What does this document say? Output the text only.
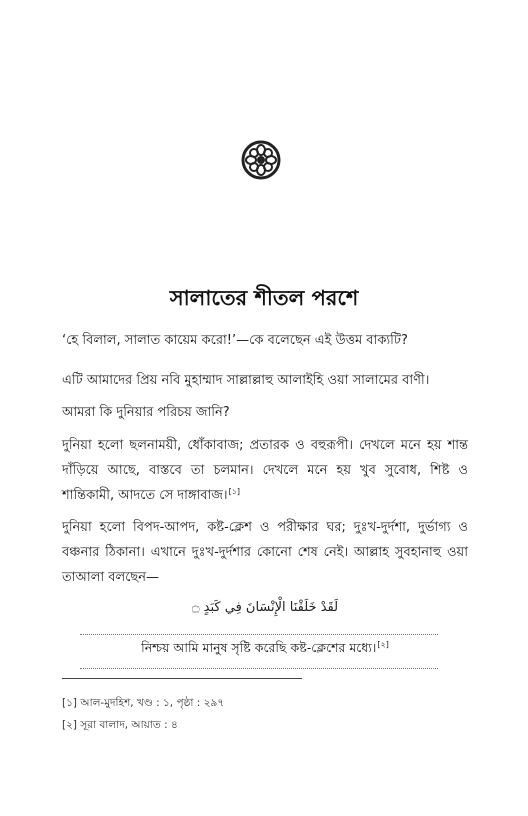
সালাতের শীতল পরশে

‘হে বিলাল, সালাত কায়েম করো!’—কে বলেছেন এই উত্তম বাক্যটি?

এটি আমাদের প্রিয় নবি মুহাম্মাদ সাল্লাল্লাহু আলাইহি ওয়া সালামের বাণী।

আমরা কি দুনিয়ার পরিচয় জানি?

দুনিয়া হলো ছলনাময়ী, ধোঁকাবাজ; প্রতারক ও বহুরূপী। দেখলে মনে হয় শান্ত দাঁড়িয়ে আছে, বাস্তবে তা চলমান। দেখলে মনে হয় খুব সুবোধ, শিষ্ট ও শান্তিকামী, আদতে সে দাঙ্গাবাজ।[১]

দুনিয়া হলো বিপদ-আপদ, কষ্ট-ক্লেশ ও পরীক্ষার ঘর; দুঃখ-দুর্দশা, দুর্ভাগ্য ও বঞ্চনার ঠিকানা। এখানে দুঃখ-দুর্দশার কোনো শেষ নেই। আল্লাহ সুবহানাহু ওয়া তাআলা বলছেন—

لَقَدْ خَلَقْنَا الْإِنْسَانَ فِي كَبَدٍ ۝
নিশ্চয় আমি মানুষ সৃষ্টি করেছি কষ্ট-ক্লেশের মধ্যে।[২]
[১] আল-মুদহিশ, খণ্ড : ১, পৃষ্ঠা : ২৯৭
[২] সূরা বালাদ, আয়াত : ৪
